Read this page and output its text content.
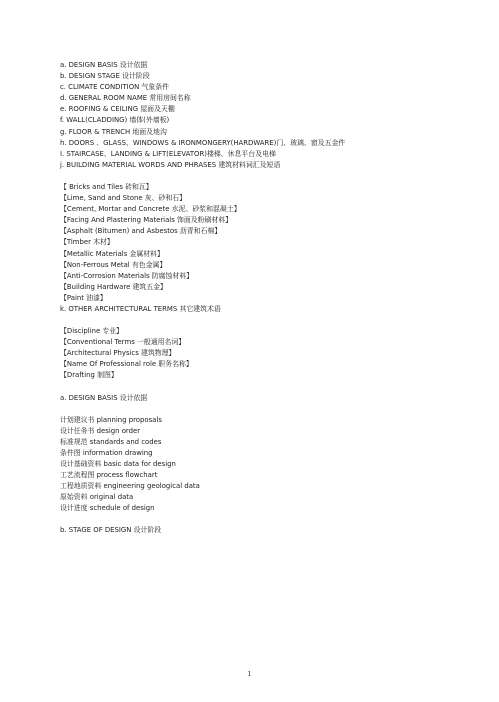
a. DESIGN BASIS 设计依据
b. DESIGN STAGE 设计阶段
c. CLIMATE CONDITION 气象条件
d. GENERAL ROOM NAME 常用房间名称
e. ROOFING & CEILING 屋面及天棚
f. WALL(CLADDING) 墙体(外墙板)
g. FLOOR & TRENCH 地面及地沟
h. DOORS 、GLASS、WINDOWS & IRONMONGERY(HARDWARE)门、玻璃、窗及五金件
I. STAIRCASE、LANDING & LIFT(ELEVATOR)楼梯、休息平台及电梯
j. BUILDING MATERIAL WORDS AND PHRASES 建筑材料词汇及短语
【 Bricks and Tiles 砖和瓦】
【Lime, Sand and Stone 灰、砂和石】
【Cement, Mortar and Concrete 水泥、砂浆和混凝土】
【Facing And Plastering Materials 饰面及粉刷材料】
【Asphalt (Bitumen) and Asbestos 沥青和石棉】
【Timber 木材】
【Metallic Materials 金属材料】
【Non-Ferrous Metal 有色金属】
【Anti-Corrosion Materials 防腐蚀材料】
【Building Hardware 建筑五金】
【Paint 油漆】
k. OTHER ARCHITECTURAL TERMS 其它建筑术语
【Discipline 专业】
【Conventional Terms 一般通用名词】
【Architectural Physics 建筑物理】
【Name Of Professional role 职务名称】
【Drafting 制图】
a. DESIGN BASIS 设计依据
计划建议书 planning proposals
设计任务书 design order
标准规范 standards and codes
条件图 information drawing
设计基础资料 basic data for design
工艺流程图 process flowchart
工程地质资料 engineering geological data
原始资料 original data
设计进度 schedule of design
b. STAGE OF DESIGN 设计阶段
1
